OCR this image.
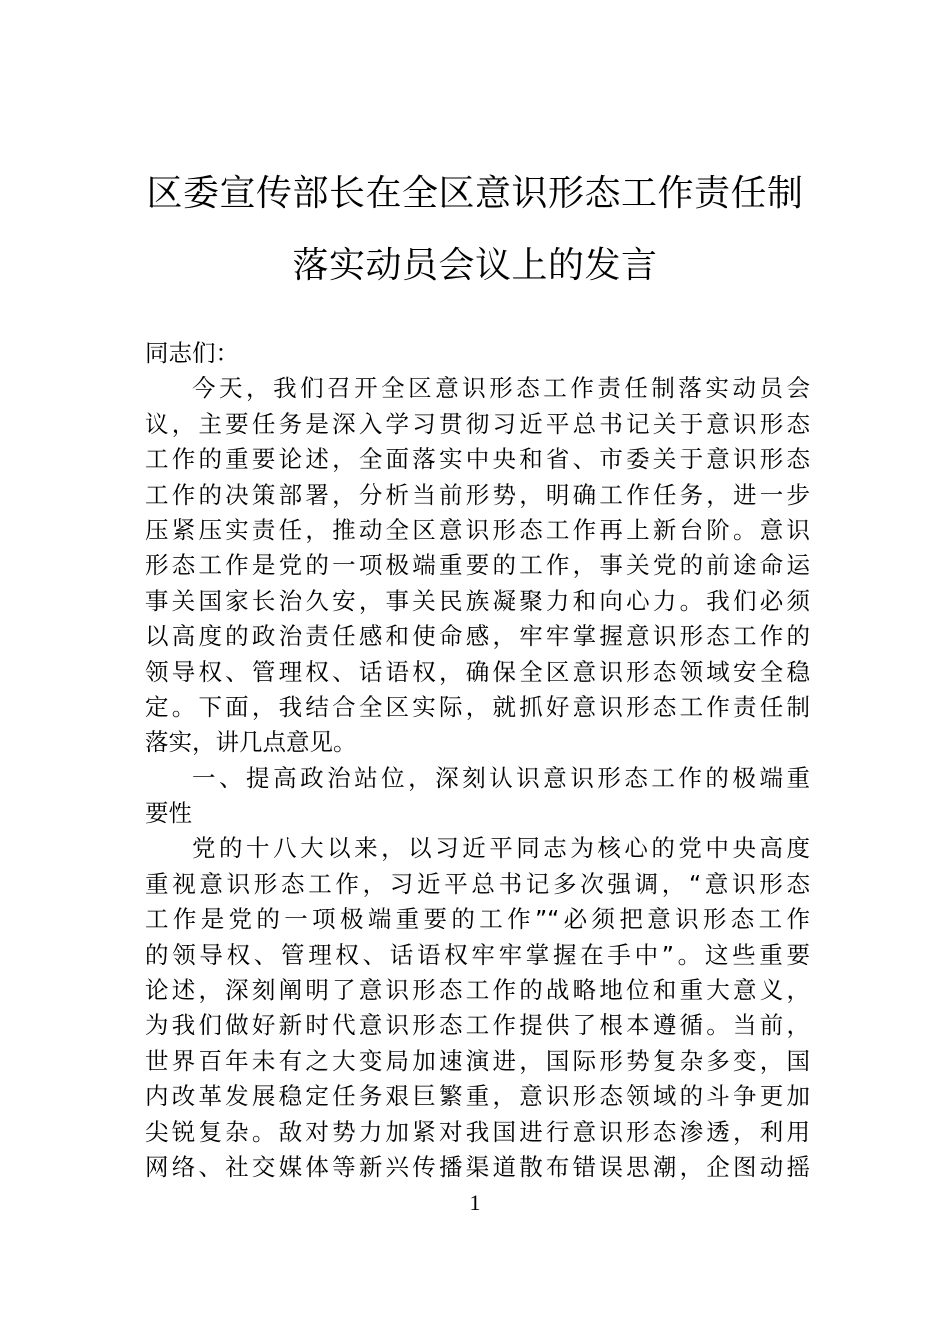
区委宣传部长在全区意识形态工作责任制
落实动员会议上的发言
同志们：
今天，我们召开全区意识形态工作责任制落实动员会
议，主要任务是深入学习贯彻习近平总书记关于意识形态
工作的重要论述，全面落实中央和省、市委关于意识形态
工作的决策部署，分析当前形势，明确工作任务，进一步
压紧压实责任，推动全区意识形态工作再上新台阶。意识
形态工作是党的一项极端重要的工作，事关党的前途命运
事关国家长治久安，事关民族凝聚力和向心力。我们必须
以高度的政治责任感和使命感，牢牢掌握意识形态工作的
领导权、管理权、话语权，确保全区意识形态领域安全稳
定。下面，我结合全区实际，就抓好意识形态工作责任制
落实，讲几点意见。
一、提高政治站位，深刻认识意识形态工作的极端重
要性
党的十八大以来，以习近平同志为核心的党中央高度
重视意识形态工作，习近平总书记多次强调，“意识形态
工作是党的一项极端重要的工作”“必须把意识形态工作
的领导权、管理权、话语权牢牢掌握在手中”。这些重要
论述，深刻阐明了意识形态工作的战略地位和重大意义，
为我们做好新时代意识形态工作提供了根本遵循。当前，
世界百年未有之大变局加速演进，国际形势复杂多变，国
内改革发展稳定任务艰巨繁重，意识形态领域的斗争更加
尖锐复杂。敌对势力加紧对我国进行意识形态渗透，利用
网络、社交媒体等新兴传播渠道散布错误思潮，企图动摇
1
